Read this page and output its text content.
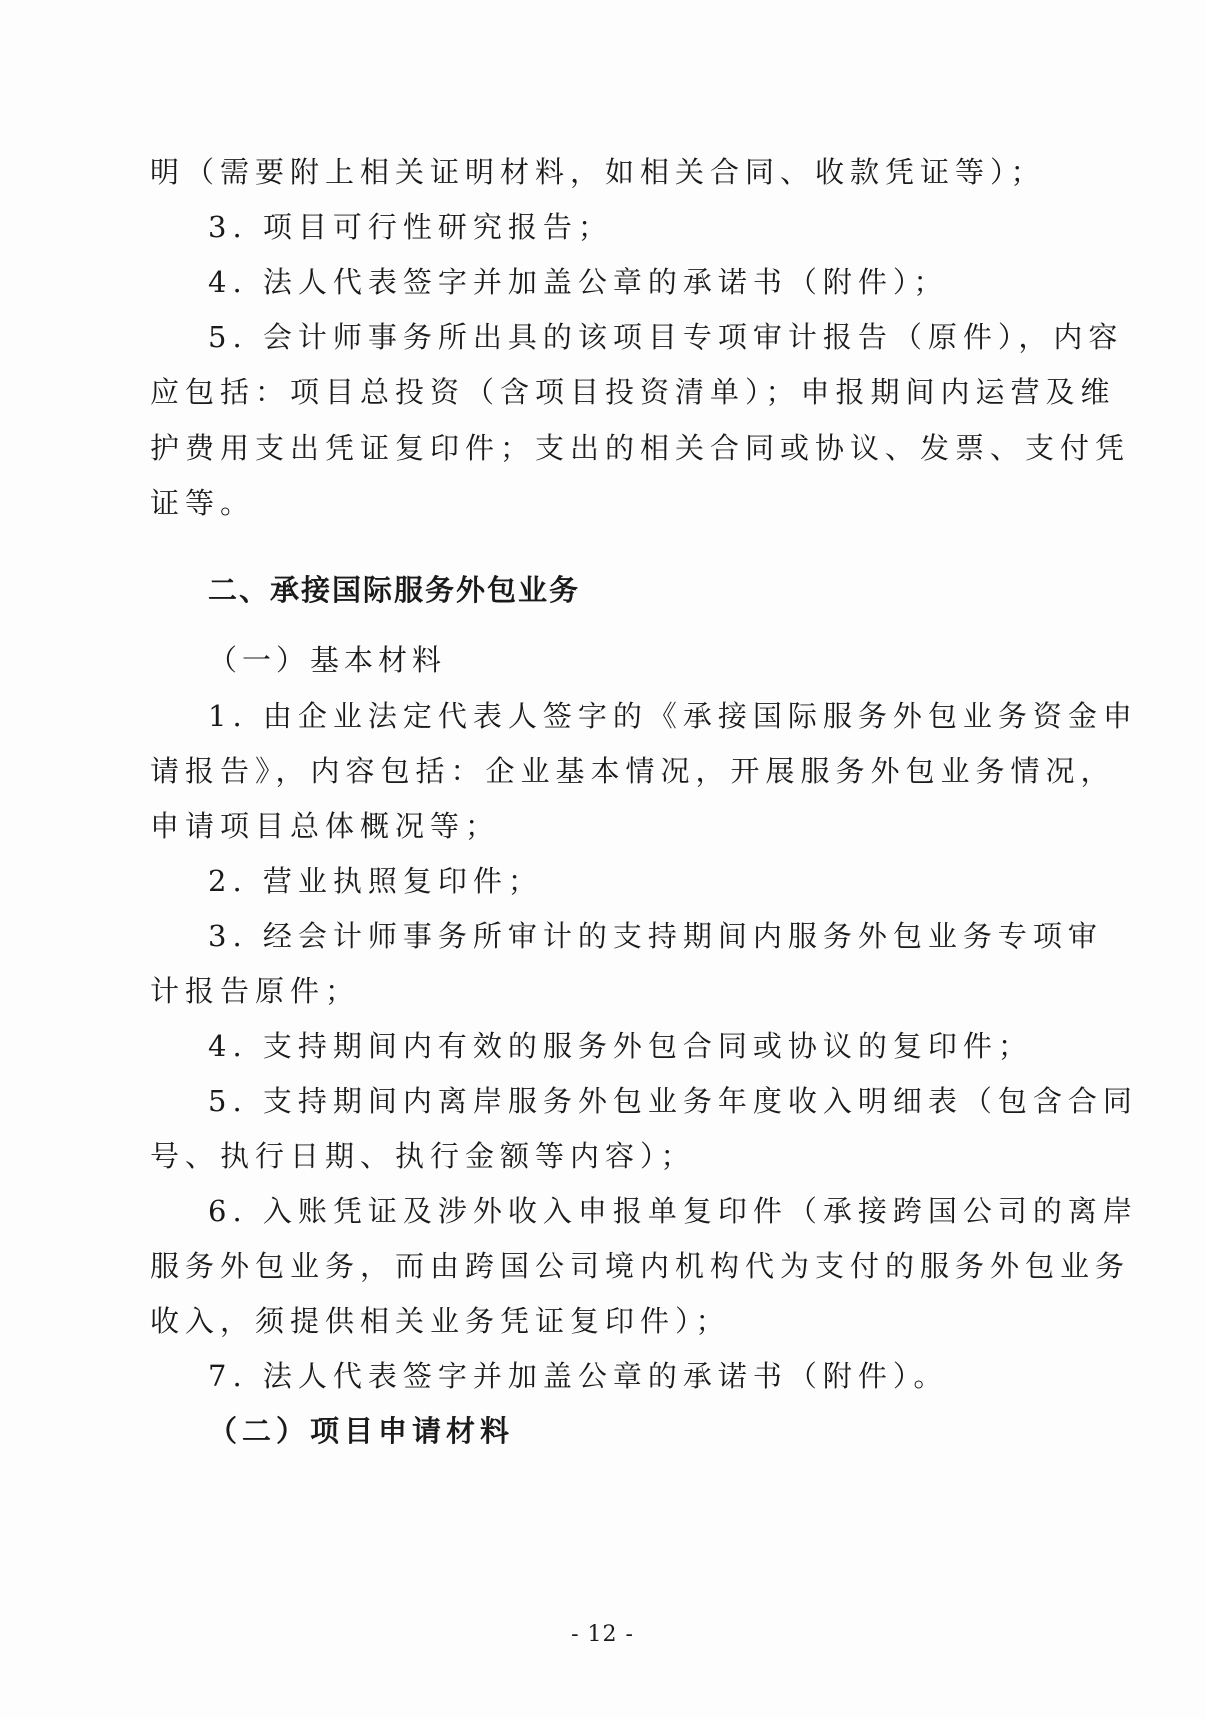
明（需要附上相关证明材料，如相关合同、收款凭证等）；
3. 项目可行性研究报告；
4. 法人代表签字并加盖公章的承诺书（附件）；
5. 会计师事务所出具的该项目专项审计报告（原件），内容
应包括：项目总投资（含项目投资清单）；申报期间内运营及维
护费用支出凭证复印件；支出的相关合同或协议、发票、支付凭
证等。
二、承接国际服务外包业务
（一）基本材料
1. 由企业法定代表人签字的《承接国际服务外包业务资金申
请报告》，内容包括：企业基本情况，开展服务外包业务情况，
申请项目总体概况等；
2. 营业执照复印件；
3. 经会计师事务所审计的支持期间内服务外包业务专项审
计报告原件；
4. 支持期间内有效的服务外包合同或协议的复印件；
5. 支持期间内离岸服务外包业务年度收入明细表（包含合同
号、执行日期、执行金额等内容）；
6. 入账凭证及涉外收入申报单复印件（承接跨国公司的离岸
服务外包业务，而由跨国公司境内机构代为支付的服务外包业务
收入，须提供相关业务凭证复印件）；
7. 法人代表签字并加盖公章的承诺书（附件）。
（二）项目申请材料
- 12 -
